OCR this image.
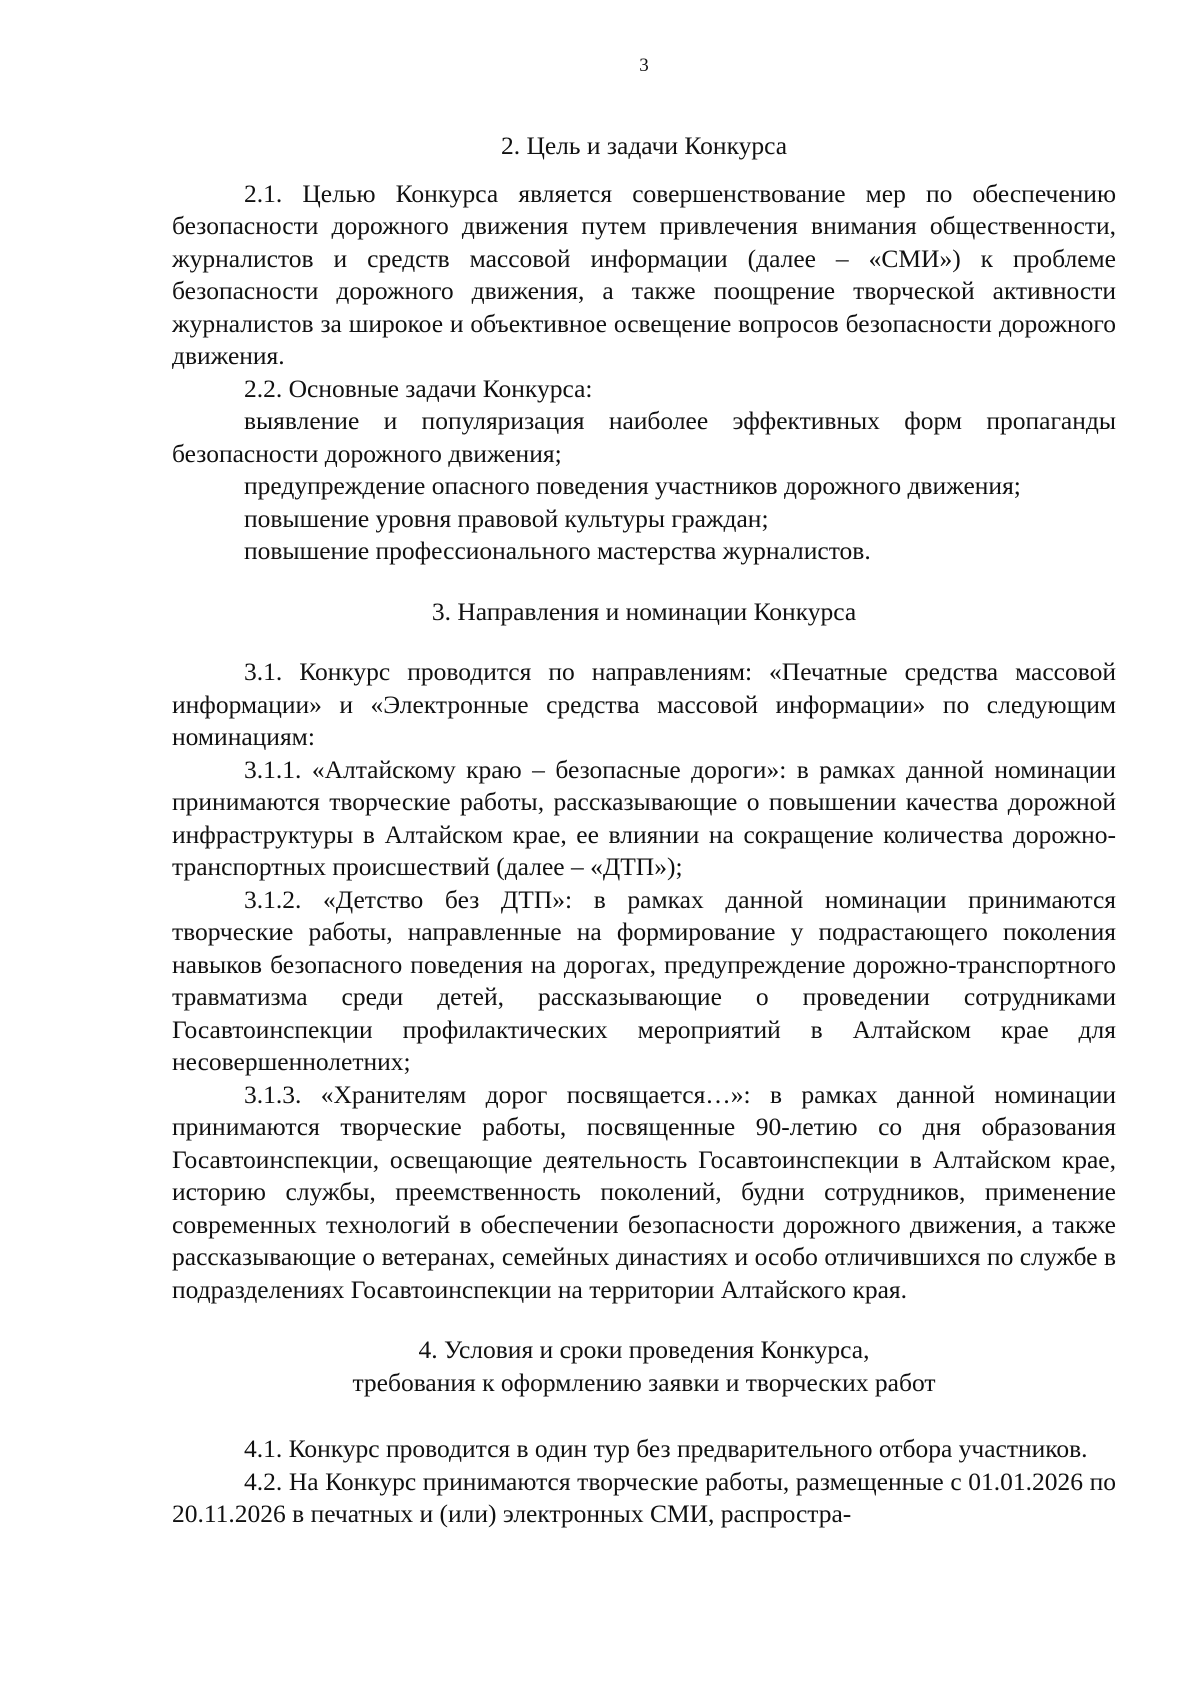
3

2. Цель и задачи Конкурса

2.1. Целью Конкурса является совершенствование мер по обеспечению безопасности дорожного движения путем привлечения внимания общественности, журналистов и средств массовой информации (далее – «СМИ») к проблеме безопасности дорожного движения, а также поощрение творческой активности журналистов за широкое и объективное освещение вопросов безопасности дорожного движения.

2.2. Основные задачи Конкурса:

выявление и популяризация наиболее эффективных форм пропаганды безопасности дорожного движения;

предупреждение опасного поведения участников дорожного движения;

повышение уровня правовой культуры граждан;

повышение профессионального мастерства журналистов.

3. Направления и номинации Конкурса

3.1. Конкурс проводится по направлениям: «Печатные средства массовой информации» и «Электронные средства массовой информации» по следующим номинациям:

3.1.1. «Алтайскому краю – безопасные дороги»: в рамках данной номинации принимаются творческие работы, рассказывающие о повышении качества дорожной инфраструктуры в Алтайском крае, ее влиянии на сокращение количества дорожно-транспортных происшествий (далее – «ДТП»);

3.1.2. «Детство без ДТП»: в рамках данной номинации принимаются творческие работы, направленные на формирование у подрастающего поколения навыков безопасного поведения на дорогах, предупреждение дорожно-транспортного травматизма среди детей, рассказывающие о проведении сотрудниками Госавтоинспекции профилактических мероприятий в Алтайском крае для несовершеннолетних;

3.1.3. «Хранителям дорог посвящается…»: в рамках данной номинации принимаются творческие работы, посвященные 90-летию со дня образования Госавтоинспекции, освещающие деятельность Госавтоинспекции в Алтайском крае, историю службы, преемственность поколений, будни сотрудников, применение современных технологий в обеспечении безопасности дорожного движения, а также рассказывающие о ветеранах, семейных династиях и особо отличившихся по службе в подразделениях Госавтоинспекции на территории Алтайского края.

4. Условия и сроки проведения Конкурса,

требования к оформлению заявки и творческих работ

4.1. Конкурс проводится в один тур без предварительного отбора участников.

4.2. На Конкурс принимаются творческие работы, размещенные с 01.01.2026 по 20.11.2026 в печатных и (или) электронных СМИ, распростра-
